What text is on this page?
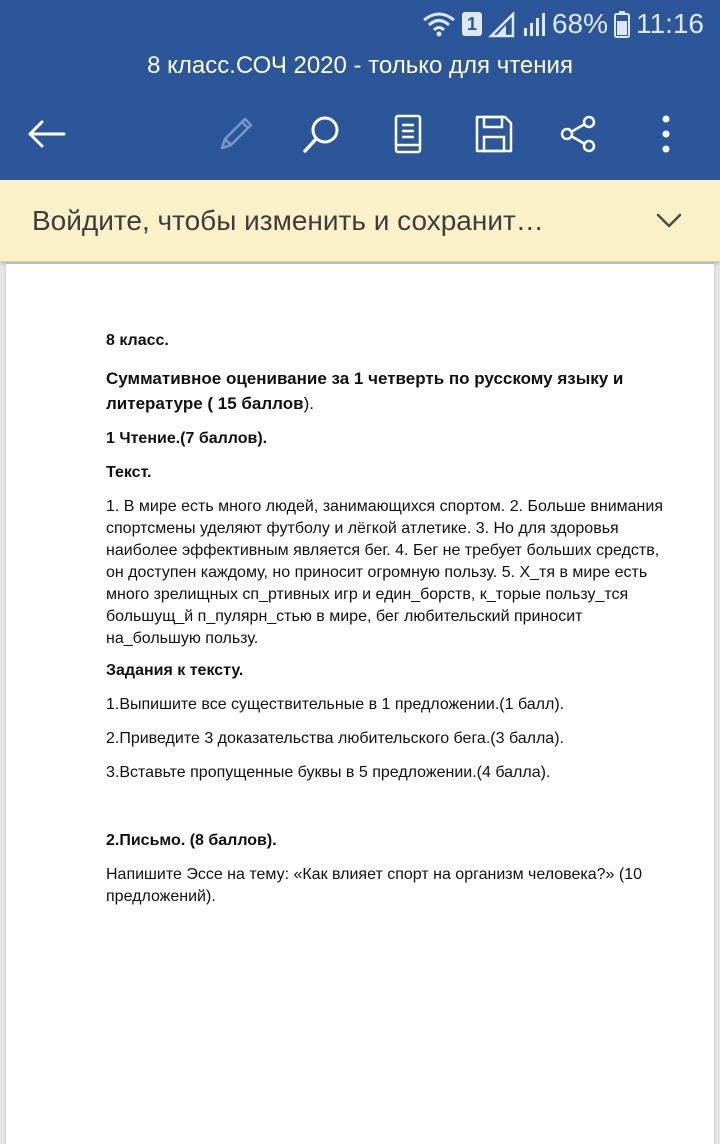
1	68% 11:16
8 класс.СОЧ 2020 - только для чтения
Войдите, чтобы изменить и сохранит…

8 класс.

Суммативное оценивание за 1 четверть по русскому языку и литературе ( 15 баллов).

1 Чтение.(7 баллов).

Текст.

1. В мире есть много людей, занимающихся спортом. 2. Больше внимания спортсмены уделяют футболу и лёгкой атлетике. 3. Но для здоровья наиболее эффективным является бег. 4. Бег не требует больших средств, он доступен каждому, но приносит огромную пользу. 5. Х_тя в мире есть много зрелищных сп_ртивных игр и един_борств, к_торые пользу_тся большущ_й п_пулярн_стью в мире, бег любительский приносит на_большую пользу.

Задания к тексту.

1.Выпишите все существительные в 1 предложении.(1 балл).

2.Приведите 3 доказательства любительского бега.(3 балла).

3.Вставьте пропущенные буквы в 5 предложении.(4 балла).

2.Письмо. (8 баллов).

Напишите Эссе на тему: «Как влияет спорт на организм человека?» (10 предложений).
